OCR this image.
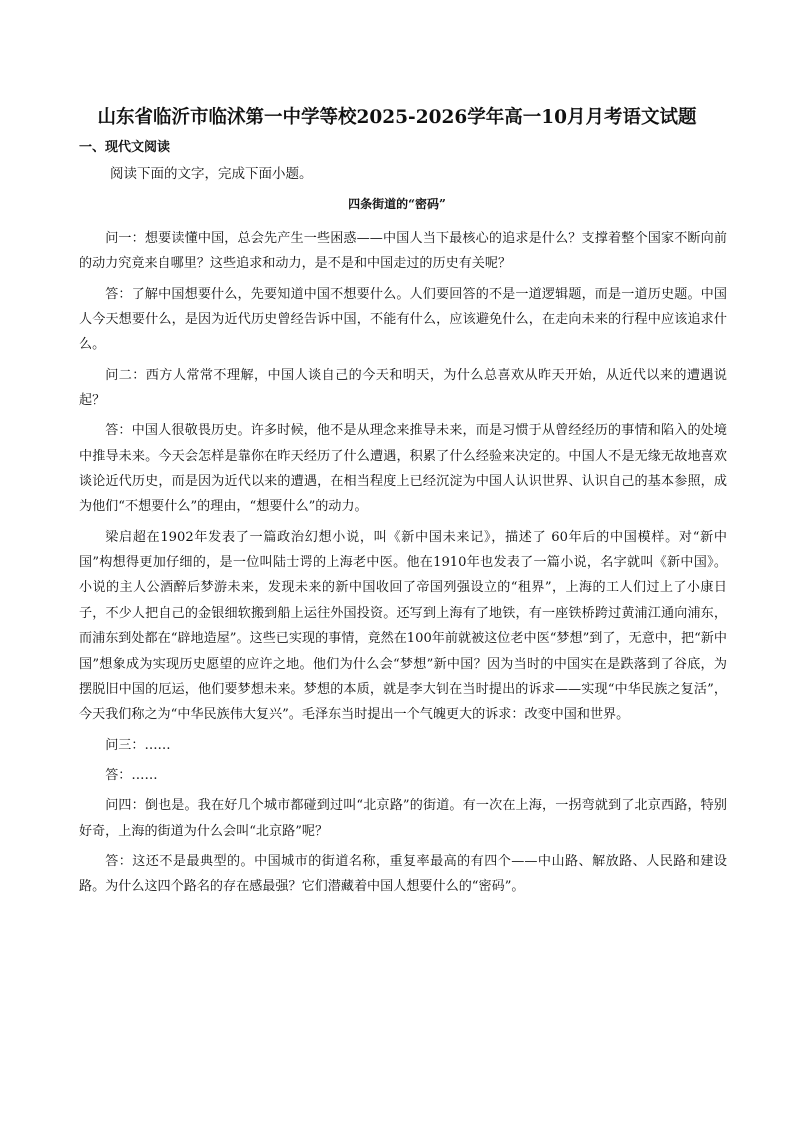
山东省临沂市临沭第一中学等校2025-2026学年高一10月月考语文试题
一、现代文阅读
阅读下面的文字，完成下面小题。
四条街道的“密码”

问一：想要读懂中国，总会先产生一些困惑——中国人当下最核心的追求是什么？支撑着整个国家不断向前的动力究竟来自哪里？这些追求和动力，是不是和中国走过的历史有关呢？

答：了解中国想要什么，先要知道中国不想要什么。人们要回答的不是一道逻辑题，而是一道历史题。中国人今天想要什么，是因为近代历史曾经告诉中国，不能有什么，应该避免什么，在走向未来的行程中应该追求什么。

问二：西方人常常不理解，中国人谈自己的今天和明天，为什么总喜欢从昨天开始，从近代以来的遭遇说起？

答：中国人很敬畏历史。许多时候，他不是从理念来推导未来，而是习惯于从曾经经历的事情和陷入的处境中推导未来。今天会怎样是靠你在昨天经历了什么遭遇，积累了什么经验来决定的。中国人不是无缘无故地喜欢谈论近代历史，而是因为近代以来的遭遇，在相当程度上已经沉淀为中国人认识世界、认识自己的基本参照，成为他们“不想要什么”的理由，“想要什么”的动力。

梁启超在1902年发表了一篇政治幻想小说，叫《新中国未来记》，描述了 60年后的中国模样。对“新中国”构想得更加仔细的，是一位叫陆士谔的上海老中医。他在1910年也发表了一篇小说，名字就叫《新中国》。小说的主人公酒醉后梦游未来，发现未来的新中国收回了帝国列强设立的“租界”，上海的工人们过上了小康日子，不少人把自己的金银细软搬到船上运往外国投资。还写到上海有了地铁，有一座铁桥跨过黄浦江通向浦东，而浦东到处都在“辟地造屋”。这些已实现的事情，竟然在100年前就被这位老中医“梦想”到了，无意中，把“新中国”想象成为实现历史愿望的应许之地。他们为什么会“梦想”新中国？因为当时的中国实在是跌落到了谷底，为摆脱旧中国的厄运，他们要梦想未来。梦想的本质，就是李大钊在当时提出的诉求——实现“中华民族之复活”，今天我们称之为“中华民族伟大复兴”。毛泽东当时提出一个气魄更大的诉求：改变中国和世界。

问三：……

答：……

问四：倒也是。我在好几个城市都碰到过叫“北京路”的街道。有一次在上海，一拐弯就到了北京西路，特别好奇，上海的街道为什么会叫“北京路”呢？

答：这还不是最典型的。中国城市的街道名称，重复率最高的有四个——中山路、解放路、人民路和建设路。为什么这四个路名的存在感最强？它们潜藏着中国人想要什么的“密码”。
